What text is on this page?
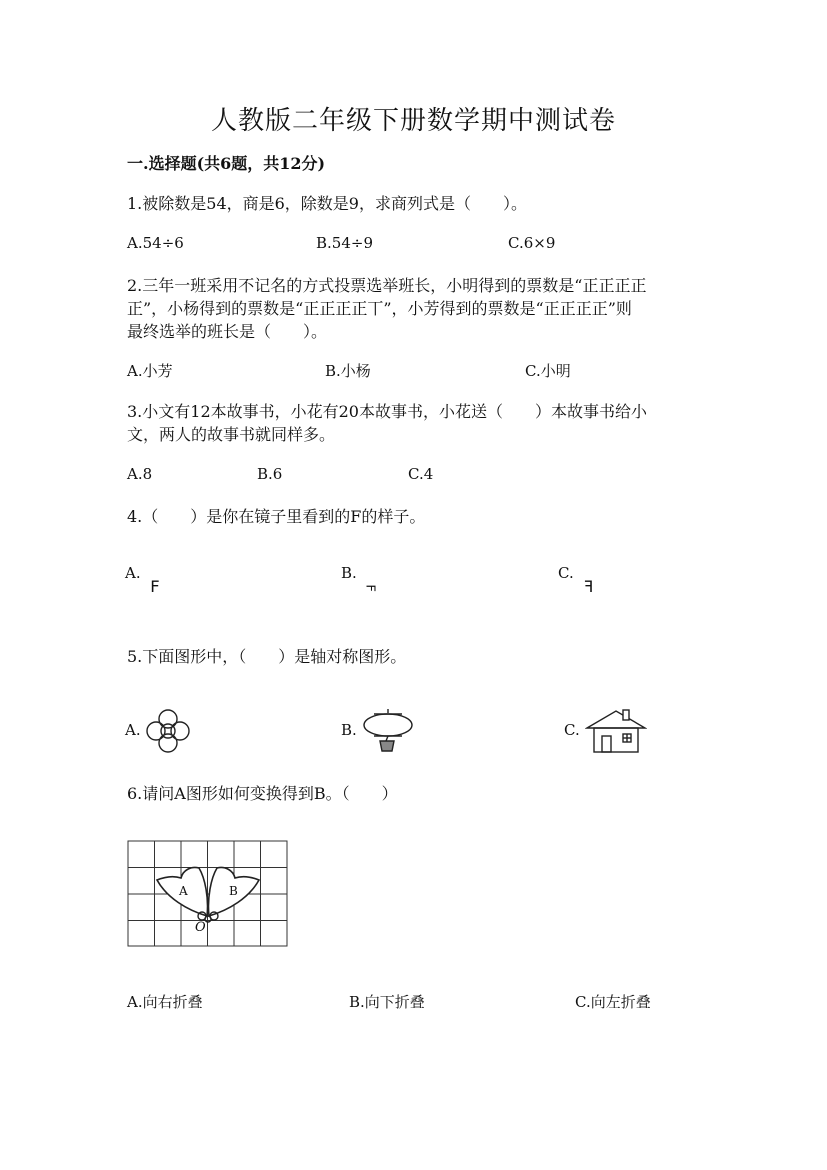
人教版二年级下册数学期中测试卷
一.选择题(共6题，共12分)
1.被除数是54，商是6，除数是9，求商列式是（　　）。
A.54÷6	B.54÷9	C.6×9
2.三年一班采用不记名的方式投票选举班长，小明得到的票数是“正正正正
正”，小杨得到的票数是“正正正正丅”，小芳得到的票数是“正正正正”则
最终选举的班长是（　　）。
A.小芳	B.小杨	C.小明
3.小文有12本故事书，小花有20本故事书，小花送（　　）本故事书给小
文，两人的故事书就同样多。
A.8	B.6	C.4
4.（　　）是你在镜子里看到的F的样子。
A.
F
B.
F
C.
F
5.下面图形中，（　　）是轴对称图形。
A.	B.	C.
6.请问A图形如何变换得到B。（　　）
A	B
O
A.向右折叠	B.向下折叠	C.向左折叠
